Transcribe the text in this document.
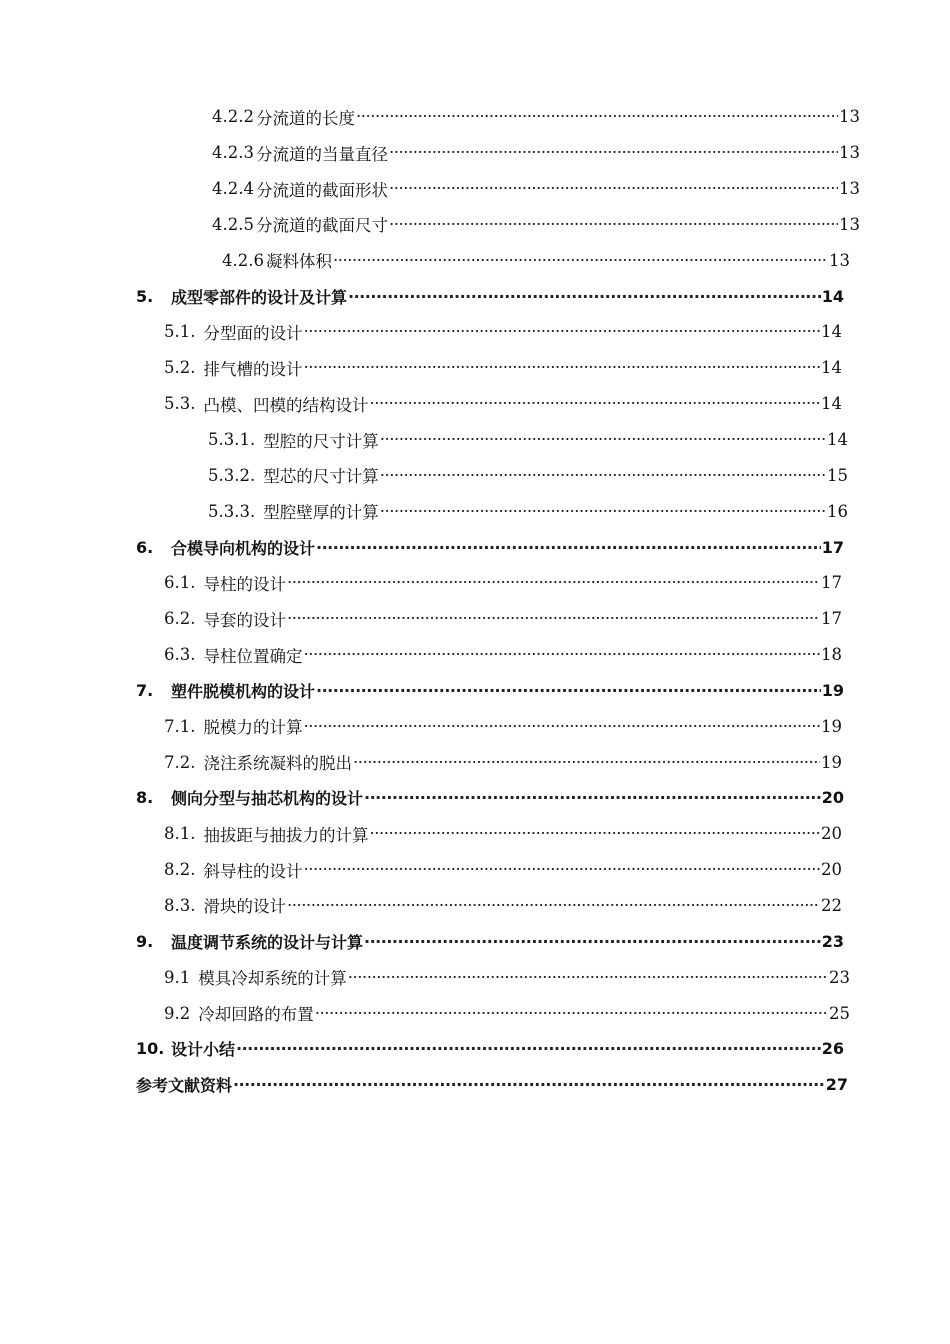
4.2.2 分流道的长度 ·····	13
4.2.3 分流道的当量直径 ·····	13
4.2.4 分流道的截面形状 ·····	13
4.2.5 分流道的截面尺寸 ·····	13
4.2.6 凝料体积 ·····	13
5.	成型零部件的设计及计算 ·····	14
5.1. 分型面的设计 ·····	14
5.2. 排气槽的设计 ·····	14
5.3. 凸模、凹模的结构设计 ·····	14
5.3.1. 型腔的尺寸计算 ·····	14
5.3.2. 型芯的尺寸计算 ·····	15
5.3.3. 型腔壁厚的计算 ·····	16
6.	合模导向机构的设计 ·····	17
6.1. 导柱的设计 ·····	17
6.2. 导套的设计 ·····	17
6.3. 导柱位置确定 ·····	18
7.	塑件脱模机构的设计 ·····	19
7.1. 脱模力的计算 ·····	19
7.2. 浇注系统凝料的脱出 ·····	19
8.	侧向分型与抽芯机构的设计 ·····	20
8.1. 抽拔距与抽拔力的计算 ·····	20
8.2. 斜导柱的设计 ·····	20
8.3. 滑块的设计 ·····	22
9.	温度调节系统的设计与计算 ·····	23
9.1 模具冷却系统的计算 ·····	23
9.2 冷却回路的布置 ·····	25
10. 设计小结 ·····	26
参考文献资料 ·····	27
